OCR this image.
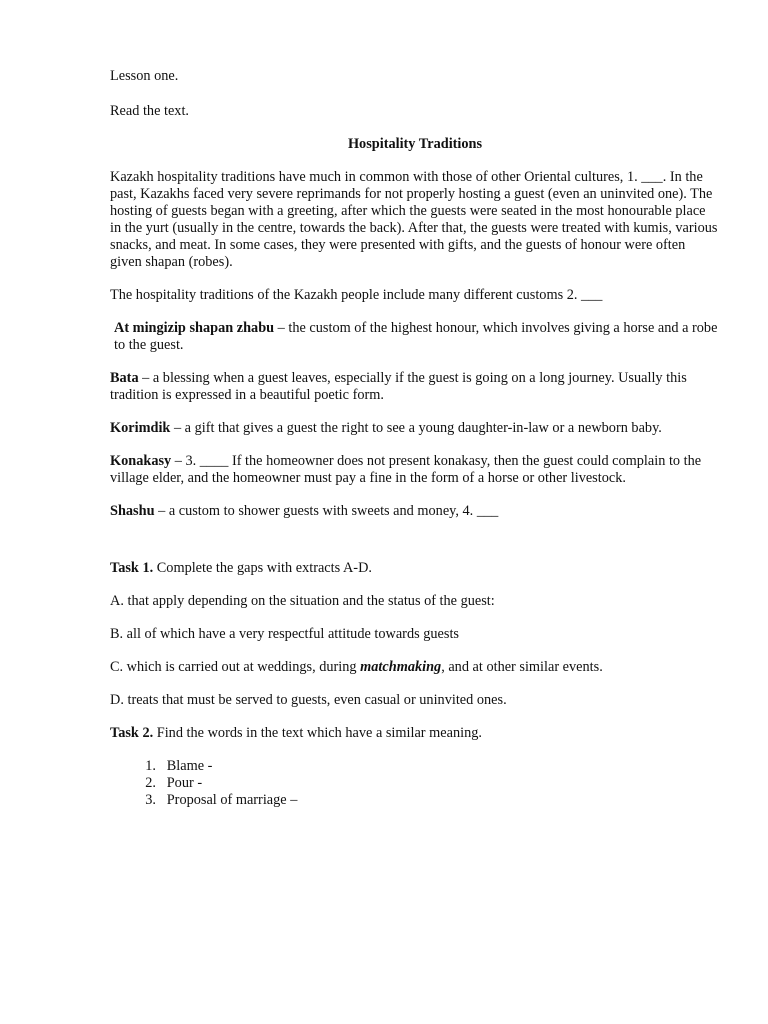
Lesson one.

Read the text.

Hospitality Traditions

Kazakh hospitality traditions have much in common with those of other Oriental cultures, 1. ___. In the past, Kazakhs faced very severe reprimands for not properly hosting a guest (even an uninvited one). The hosting of guests began with a greeting, after which the guests were seated in the most honourable place in the yurt (usually in the centre, towards the back). After that, the guests were treated with kumis, various snacks, and meat. In some cases, they were presented with gifts, and the guests of honour were often given shapan (robes).

The hospitality traditions of the Kazakh people include many different customs 2. ___

At mingizip shapan zhabu – the custom of the highest honour, which involves giving a horse and a robe to the guest.

Bata – a blessing when a guest leaves, especially if the guest is going on a long journey. Usually this tradition is expressed in a beautiful poetic form.

Korimdik – a gift that gives a guest the right to see a young daughter-in-law or a newborn baby.

Konakasy – 3. ____ If the homeowner does not present konakasy, then the guest could complain to the village elder, and the homeowner must pay a fine in the form of a horse or other livestock.

Shashu – a custom to shower guests with sweets and money, 4. ___

Task 1. Complete the gaps with extracts A-D.

A. that apply depending on the situation and the status of the guest:

B. all of which have a very respectful attitude towards guests

C. which is carried out at weddings, during matchmaking, and at other similar events.

D. treats that must be served to guests, even casual or uninvited ones.

Task 2. Find the words in the text which have a similar meaning.

1.
Blame -
2.
Pour -
3.
Proposal of marriage –
